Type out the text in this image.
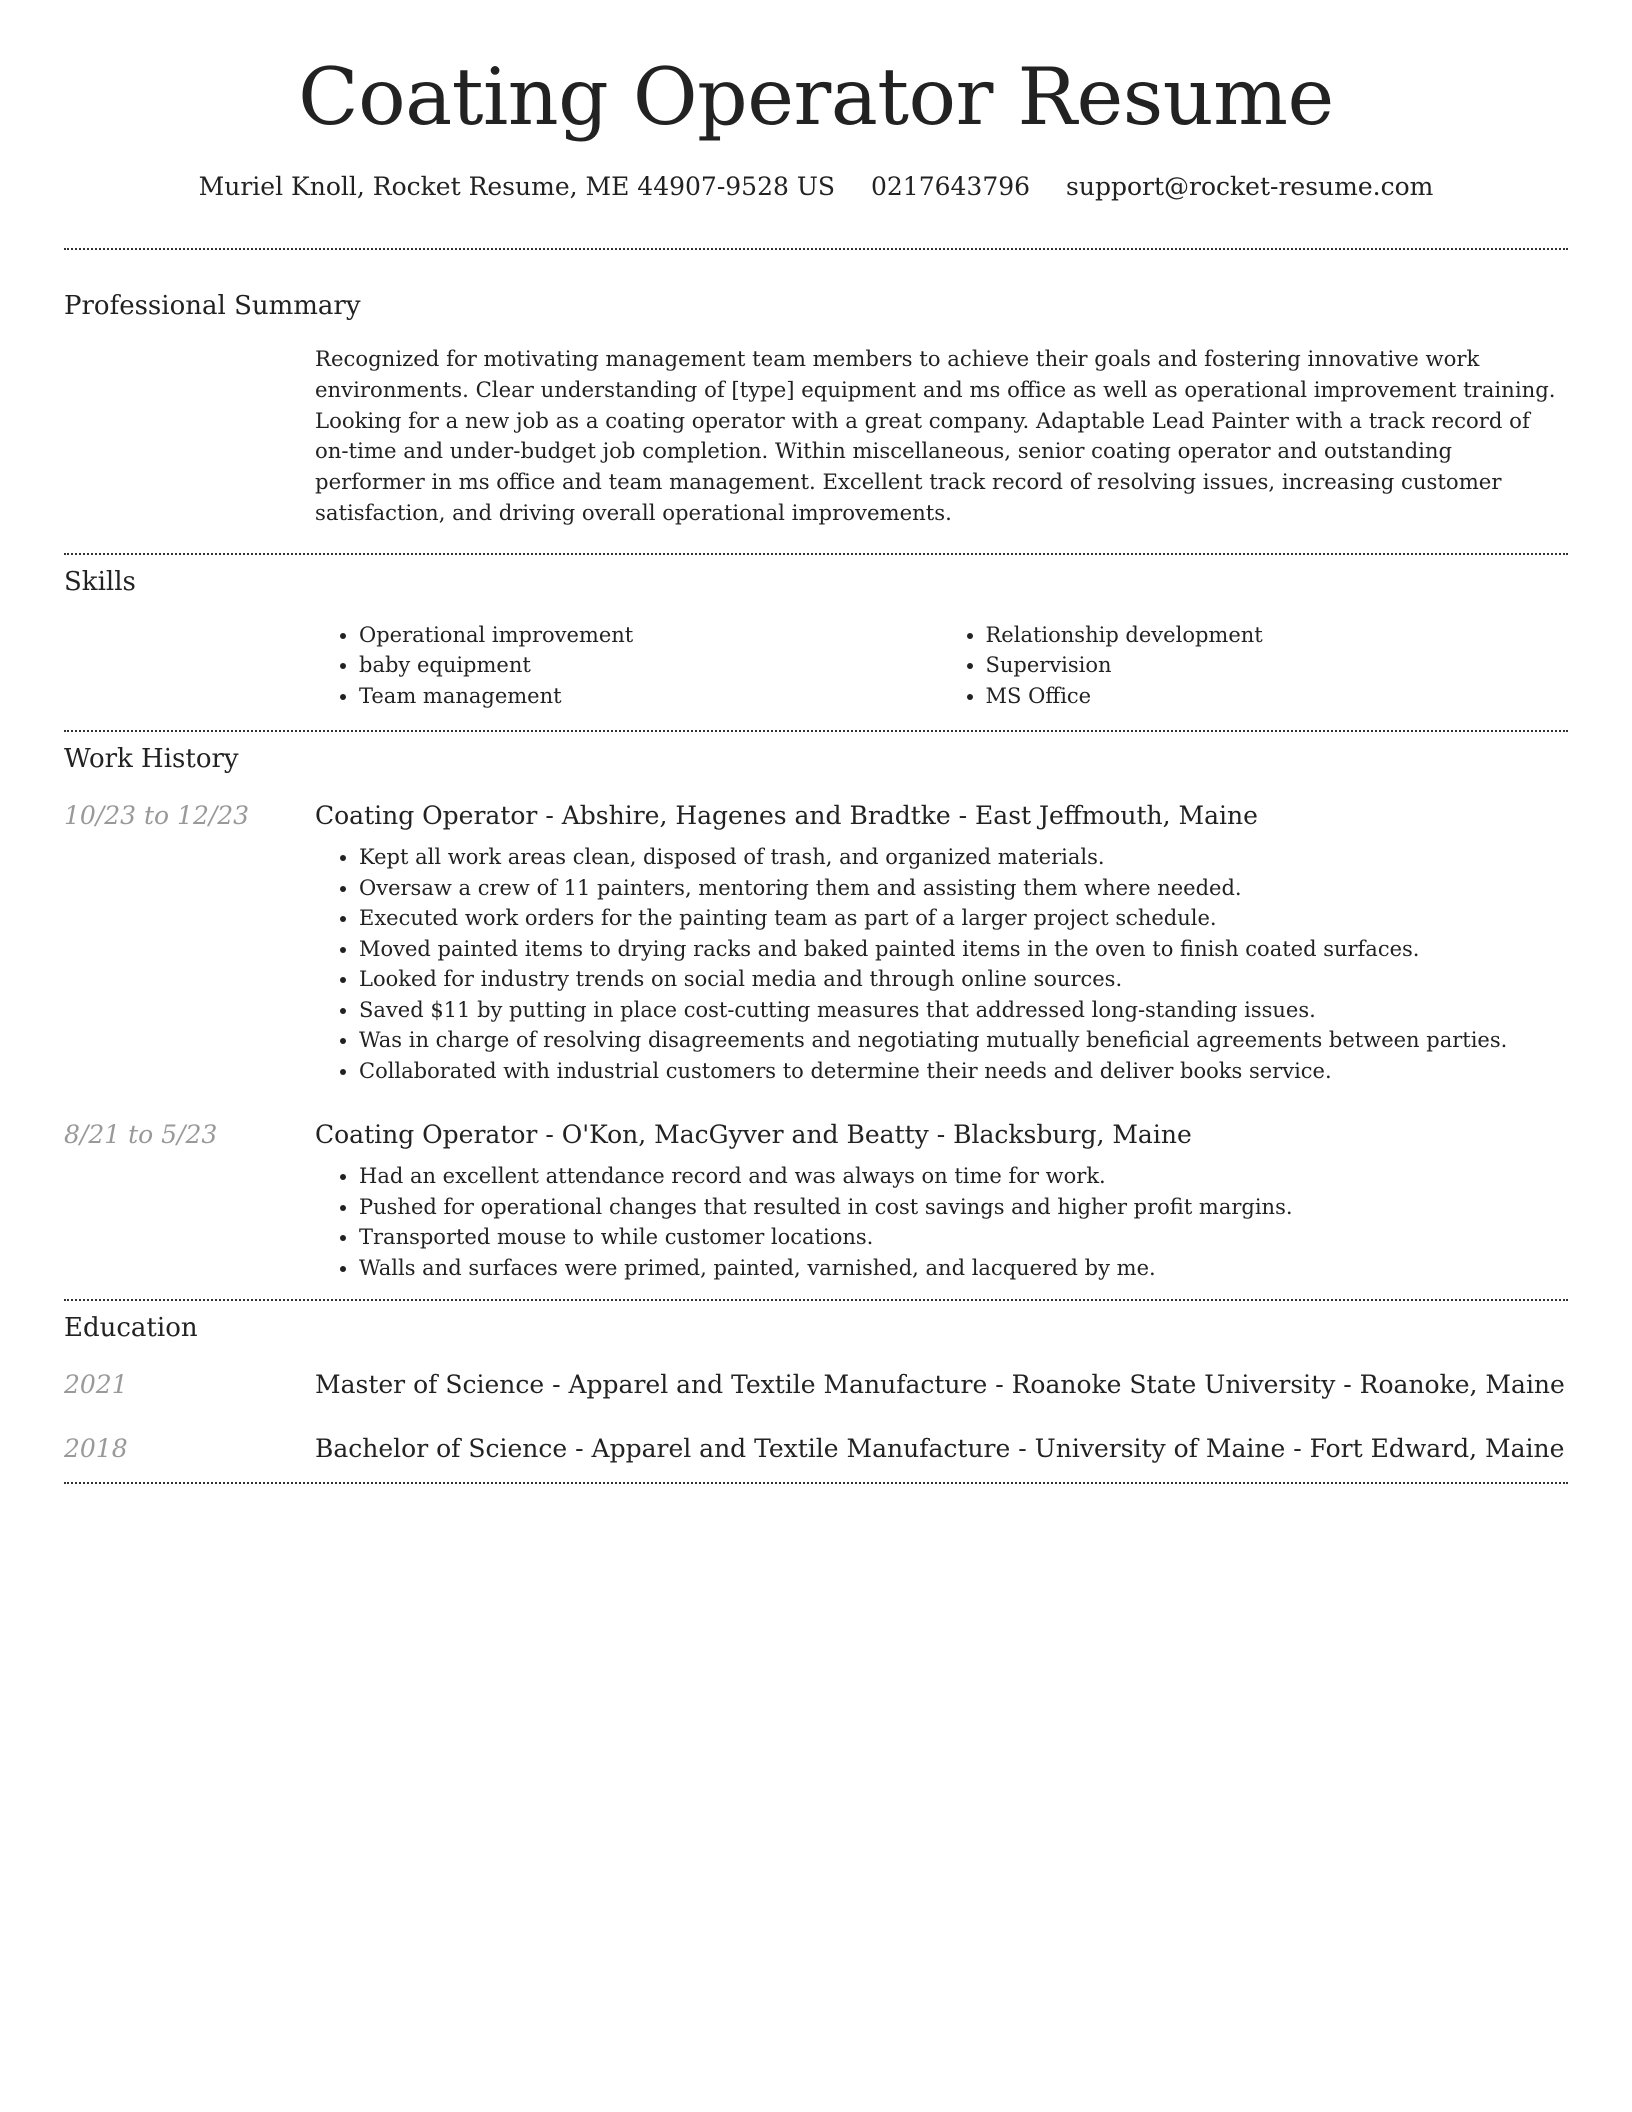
Coating Operator Resume
Muriel Knoll, Rocket Resume, ME 44907-9528 US 0217643796 support@rocket-resume.com
Professional Summary

Recognized for motivating management team members to achieve their goals and fostering innovative work environments. Clear understanding of [type] equipment and ms office as well as operational improvement training. Looking for a new job as a coating operator with a great company. Adaptable Lead Painter with a track record of on-time and under-budget job completion. Within miscellaneous, senior coating operator and outstanding performer in ms office and team management. Excellent track record of resolving issues, increasing customer satisfaction, and driving overall operational improvements.

Skills
• Operational improvement
• baby equipment
• Team management
• Relationship development
• Supervision
• MS Office
Work History
10/23 to 12/23	Coating Operator - Abshire, Hagenes and Bradtke - East Jeffmouth, Maine
• Kept all work areas clean, disposed of trash, and organized materials.
• Oversaw a crew of 11 painters, mentoring them and assisting them where needed.
• Executed work orders for the painting team as part of a larger project schedule.
• Moved painted items to drying racks and baked painted items in the oven to finish coated surfaces.
• Looked for industry trends on social media and through online sources.
• Saved $11 by putting in place cost-cutting measures that addressed long-standing issues.
• Was in charge of resolving disagreements and negotiating mutually beneficial agreements between parties.
• Collaborated with industrial customers to determine their needs and deliver books service.
8/21 to 5/23	Coating Operator - O'Kon, MacGyver and Beatty - Blacksburg, Maine
• Had an excellent attendance record and was always on time for work.
• Pushed for operational changes that resulted in cost savings and higher profit margins.
• Transported mouse to while customer locations.
• Walls and surfaces were primed, painted, varnished, and lacquered by me.
Education
2021	Master of Science - Apparel and Textile Manufacture - Roanoke State University - Roanoke, Maine
2018	Bachelor of Science - Apparel and Textile Manufacture - University of Maine - Fort Edward, Maine
